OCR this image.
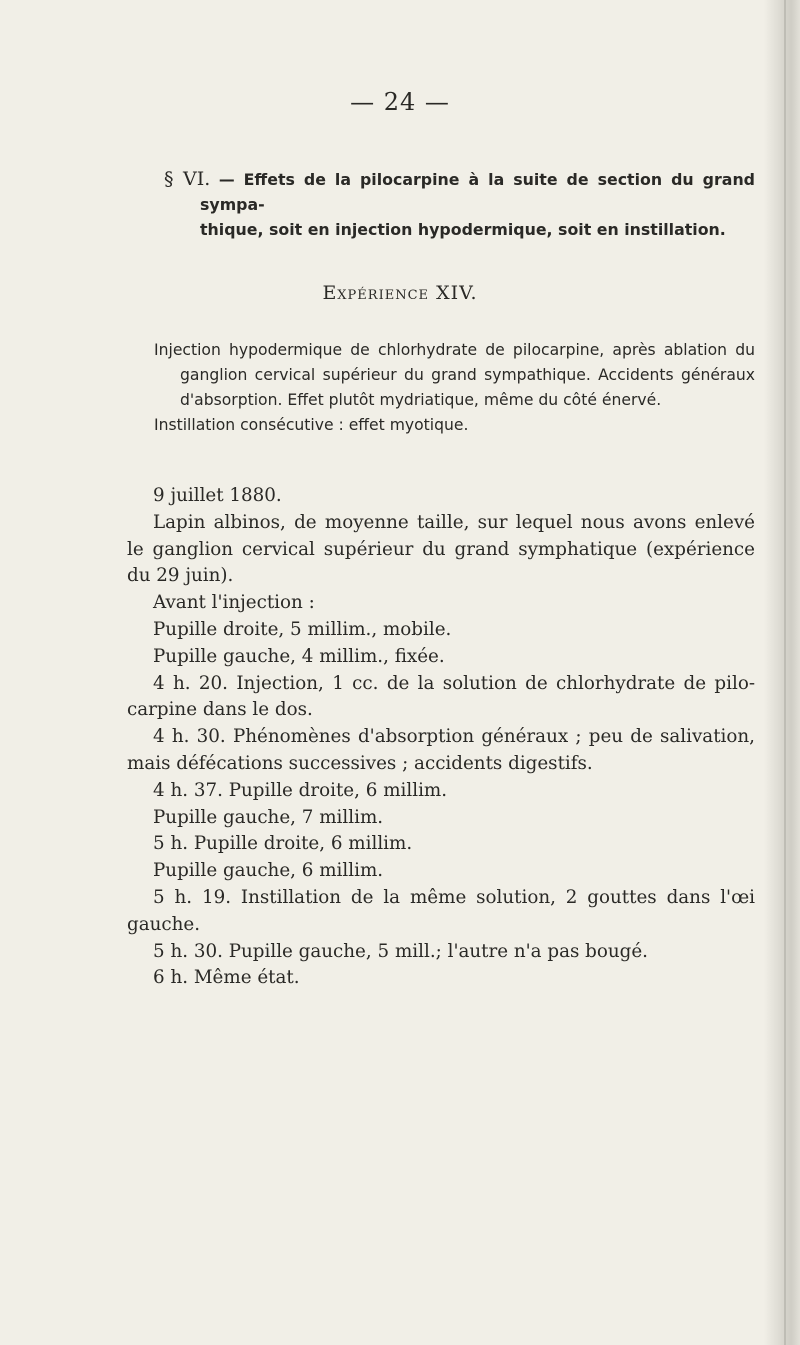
— 24 —
§ VI. — Effets de la pilocarpine à la suite de section du grand sympa-
thique, soit en injection hypodermique, soit en instillation.
Expérience XIV.
Injection hypodermique de chlorhydrate de pilocarpine, après ablation du ganglion cervical supérieur du grand sympathique. Accidents généraux d'absorption. Effet plutôt mydriatique, même du côté énervé.
Instillation consécutive : effet myotique.
9 juillet 1880.
Lapin albinos, de moyenne taille, sur lequel nous avons enlevé
le ganglion cervical supérieur du grand symphatique (expérience
du 29 juin).
Avant l'injection :
Pupille droite, 5 millim., mobile.
Pupille gauche, 4 millim., fixée.
4 h. 20. Injection, 1 cc. de la solution de chlorhydrate de pilo-
carpine dans le dos.
4 h. 30. Phénomènes d'absorption généraux ; peu de salivation,
mais défécations successives ; accidents digestifs.
4 h. 37. Pupille droite, 6 millim.
Pupille gauche, 7 millim.
5 h. Pupille droite, 6 millim.
Pupille gauche, 6 millim.
5 h. 19. Instillation de la même solution, 2 gouttes dans l'œi
gauche.
5 h. 30. Pupille gauche, 5 mill.; l'autre n'a pas bougé.
6 h. Même état.
